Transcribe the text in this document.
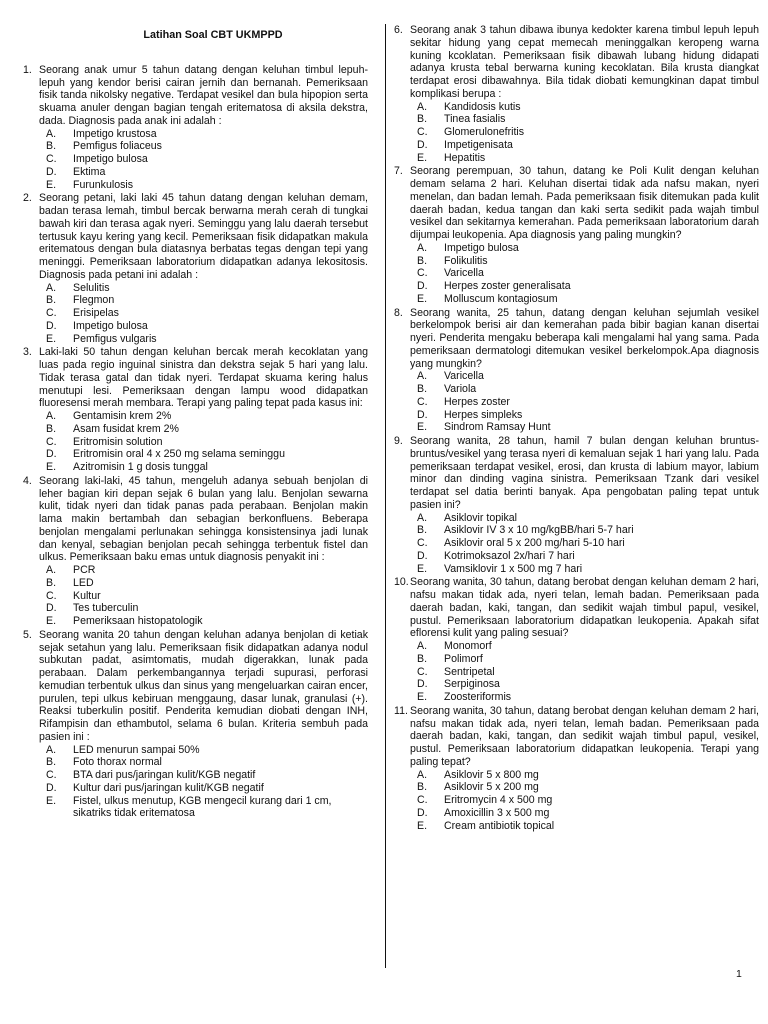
Latihan Soal CBT UKMPPD
1. Seorang anak umur 5 tahun datang dengan keluhan timbul lepuh-lepuh yang kendor berisi cairan jernih dan bernanah. Pemeriksaan fisik tanda nikolsky negative. Terdapat vesikel dan bula hipopion serta skuama anuler dengan bagian tengah eritematosa di aksila dekstra, dada. Diagnosis pada anak ini adalah :
A.	Impetigo krustosa
B.	Pemfigus foliaceus
C.	Impetigo bulosa
D.	Ektima
E.	Furunkulosis
2. Seorang petani, laki laki 45 tahun datang dengan keluhan demam, badan terasa lemah, timbul bercak berwarna merah cerah di tungkai bawah kiri dan terasa agak nyeri. Seminggu yang lalu daerah tersebut tertusuk kayu kering yang kecil. Pemeriksaan fisik didapatkan makula eritematous dengan bula diatasnya berbatas tegas dengan tepi yang meninggi. Pemeriksaan laboratorium didapatkan adanya lekositosis. Diagnosis pada petani ini adalah :
A.	Selulitis
B.	Flegmon
C.	Erisipelas
D.	Impetigo bulosa
E.	Pemfigus vulgaris
3. Laki-laki 50 tahun dengan keluhan bercak merah kecoklatan yang luas pada regio inguinal sinistra dan dekstra sejak 5 hari yang lalu. Tidak terasa gatal dan tidak nyeri. Terdapat skuama kering halus menutupi lesi. Pemeriksaan dengan lampu wood didapatkan fluoresensi merah membara. Terapi yang paling tepat pada kasus ini:
A.	Gentamisin krem 2%
B.	Asam fusidat krem 2%
C.	Eritromisin solution
D.	Eritromisin oral 4 x 250 mg selama seminggu
E.	Azitromisin 1 g dosis tunggal
4. Seorang laki-laki, 45 tahun, mengeluh adanya sebuah benjolan di leher bagian kiri depan sejak 6 bulan yang lalu. Benjolan sewarna kulit, tidak nyeri dan tidak panas pada perabaan. Benjolan makin lama makin bertambah dan sebagian berkonfluens. Beberapa benjolan mengalami perlunakan sehingga konsistensinya jadi lunak dan kenyal, sebagian benjolan pecah sehingga terbentuk fistel dan ulkus. Pemeriksaan baku emas untuk diagnosis penyakit ini :
A.	PCR
B.	LED
C.	Kultur
D.	Tes tuberculin
E.	Pemeriksaan histopatologik
5. Seorang wanita 20 tahun dengan keluhan adanya benjolan di ketiak sejak setahun yang lalu. Pemeriksaan fisik didapatkan adanya nodul subkutan padat, asimtomatis, mudah digerakkan, lunak pada perabaan. Dalam perkembangannya terjadi supurasi, perforasi kemudian terbentuk ulkus dan sinus yang mengeluarkan cairan encer, purulen, tepi ulkus kebiruan menggaung, dasar lunak, granulasi (+). Reaksi tuberkulin positif. Penderita kemudian diobati dengan INH, Rifampisin dan ethambutol, selama 6 bulan. Kriteria sembuh pada pasien ini :
A.	LED menurun sampai 50%
B.	Foto thorax normal
C.	BTA dari pus/jaringan kulit/KGB negatif
D.	Kultur dari pus/jaringan kulit/KGB negatif
E.	Fistel, ulkus menutup, KGB mengecil kurang dari 1 cm, sikatriks tidak eritematosa
6. Seorang anak 3 tahun dibawa ibunya kedokter karena timbul lepuh lepuh sekitar hidung yang cepat memecah meninggalkan keropeng warna kuning kcoklatan. Pemeriksaan fisik dibawah lubang hidung didapati adanya krusta tebal berwarna kuning kecoklatan. Bila krusta diangkat terdapat erosi dibawahnya. Bila tidak diobati kemungkinan dapat timbul komplikasi berupa :
A.	Kandidosis kutis
B.	Tinea fasialis
C.	Glomerulonefritis
D.	Impetigenisata
E.	Hepatitis
7. Seorang perempuan, 30 tahun, datang ke Poli Kulit dengan keluhan demam selama 2 hari. Keluhan disertai tidak ada nafsu makan, nyeri menelan, dan badan lemah. Pada pemeriksaan fisik ditemukan pada kulit daerah badan, kedua tangan dan kaki serta sedikit pada wajah timbul vesikel dan sekitarnya kemerahan. Pada pemeriksaan laboratorium darah dijumpai leukopenia. Apa diagnosis yang paling mungkin?
A.	Impetigo bulosa
B.	Folikulitis
C.	Varicella
D.	Herpes zoster generalisata
E.	Molluscum kontagiosum
8. Seorang wanita, 25 tahun, datang dengan keluhan sejumlah vesikel berkelompok berisi air dan kemerahan pada bibir bagian kanan disertai nyeri. Penderita mengaku beberapa kali mengalami hal yang sama. Pada pemeriksaan dermatologi ditemukan vesikel berkelompok.Apa diagnosis yang mungkin?
A.	Varicella
B.	Variola
C.	Herpes zoster
D.	Herpes simpleks
E.	Sindrom Ramsay Hunt
9. Seorang wanita, 28 tahun, hamil 7 bulan dengan keluhan bruntus-bruntus/vesikel yang terasa nyeri di kemaluan sejak 1 hari yang lalu. Pada pemeriksaan terdapat vesikel, erosi, dan krusta di labium mayor, labium minor dan dinding vagina sinistra. Pemeriksaan Tzank dari vesikel terdapat sel datia berinti banyak. Apa pengobatan paling tepat untuk pasien ini?
A.	Asiklovir topikal
B.	Asiklovir IV 3 x 10 mg/kgBB/hari 5-7 hari
C.	Asiklovir oral 5 x 200 mg/hari 5-10 hari
D.	Kotrimoksazol 2x/hari 7 hari
E.	Vamsiklovir 1 x 500 mg 7 hari
10.Seorang wanita, 30 tahun, datang berobat dengan keluhan demam 2 hari, nafsu makan tidak ada, nyeri telan, lemah badan. Pemeriksaan pada daerah badan, kaki, tangan, dan sedikit wajah timbul papul, vesikel, pustul. Pemeriksaan laboratorium didapatkan leukopenia. Apakah sifat eflorensi kulit yang paling sesuai?
A.	Monomorf
B.	Polimorf
C.	Sentripetal
D.	Serpiginosa
E.	Zoosteriformis
11. Seorang wanita, 30 tahun, datang berobat dengan keluhan demam 2 hari, nafsu makan tidak ada, nyeri telan, lemah badan. Pemeriksaan pada daerah badan, kaki, tangan, dan sedikit wajah timbul papul, vesikel, pustul. Pemeriksaan laboratorium didapatkan leukopenia. Terapi yang paling tepat?
A.	Asiklovir 5 x 800 mg
B.	Asiklovir 5 x 200 mg
C.	Eritromycin 4 x 500 mg
D.	Amoxicillin 3 x 500 mg
E.	Cream antibiotik topical
1
